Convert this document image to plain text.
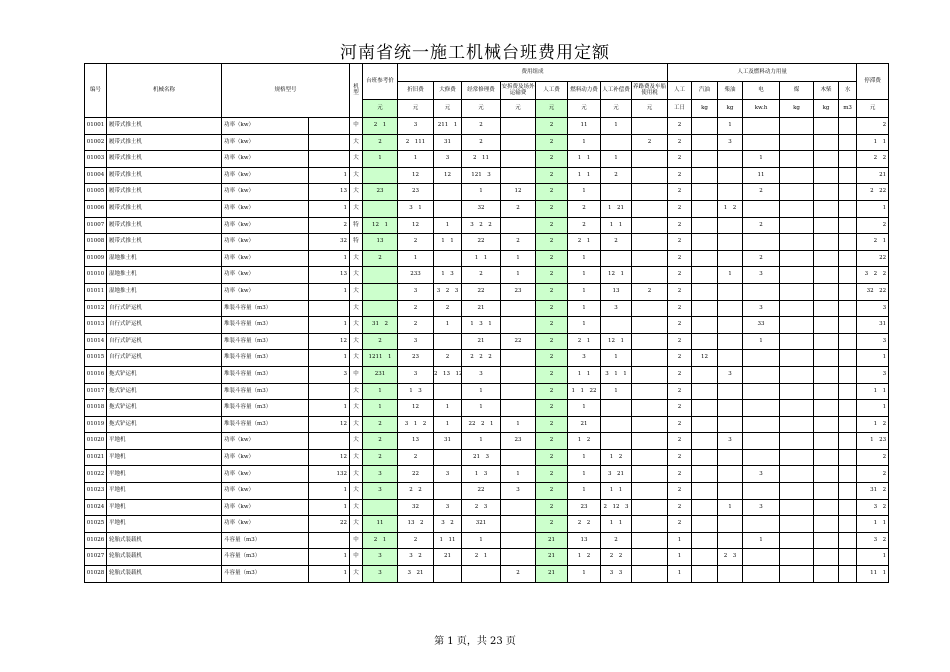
河南省统一施工机械台班费用定额
编号	机械名称	规格型号		机型	台班参考价	费用组成								人工及燃料动力用量							停滞费
						折旧费	大修费	经常修理费	安拆费及场外运输费	人工费	燃料动力费	人工补偿费	养路费及车船使用税	人工	汽油	柴油	电	煤	木柴	水	
					元	元	元	元	元	元	元	元	元	工日	kg	kg	kw.h	kg	kg	m3	元
01001	履带式推土机	功率（kw）		中	2　1	3	211　1	2		2	11	1		2		1					2
01002	履带式推土机	功率（kw）		大	2	2　111	31	2		2	1		2	2		3					1　1
01003	履带式推土机	功率（kw）		大	1	1	3	2　11		2	1　1	1		2			1				2　2
01004	履带式推土机	功率（kw）	1	大		12	12	121　3		2	1　1	2		2			11				21
01005	履带式推土机	功率（kw）	13	大	23	23		1	12	2	1			2			2				2　22
01006	履带式推土机	功率（kw）	1	大		3　1		32	2	2	2	1　21		2		1　2					1
01007	履带式推土机	功率（kw）	2	特	12　1	12	1	3　2　2		2	2	1　1		2			2				2
01008	履带式推土机	功率（kw）	32	特	13	2	1　1	22	2	2	2　1	2		2							2　1
01009	湿地推土机	功率（kw）	1	大	2	1		1　1	1	2	1			2			2				22
01010	湿地推土机	功率（kw）	13	大		233	1　3	2	1	2	1	12　1		2		1	3				3　2　2
01011	湿地推土机	功率（kw）	1	大		3	3　2　3	22	23	2	1	13	2	2							32　22
01012	自行式铲运机	堆装斗容量（m3）		大		2	2	21		2	1	3		2			3				3
01013	自行式铲运机	堆装斗容量（m3）	1	大	31　2	2	1	1　3　1		2	1			2			33				31
01014	自行式铲运机	堆装斗容量（m3）	12	大	2	3		21	22	2	2　1	12　1		2			1				3
01015	自行式铲运机	堆装斗容量（m3）	1	大	1211　1	23	2	2　2　2		2	3	1		2	12						1
01016	拖式铲运机	堆装斗容量（m3）	3	中	231	3	2　13　12	3		2	1　1	3　1　1		2		3					3
01017	拖式铲运机	堆装斗容量（m3）		大	1	1　3		1		2	1　1　22	1		2							1　1
01018	拖式铲运机	堆装斗容量（m3）	1	大	1	12	1	1		2	1			2							1
01019	拖式铲运机	堆装斗容量（m3）	12	大	2	3　1　2	1	22　2　1	1	2	21			2							1　2
01020	平地机	功率（kw）		大	2	13	31	1	23	2	1　2			2		3					1　23
01021	平地机	功率（kw）	12	大	2	2		21　3		2	1	1　2		2							2
01022	平地机	功率（kw）	132	大	3	22	3	1　3	1	2	1	3　21		2			3				2
01023	平地机	功率（kw）	1	大	3	2　2		22	3	2	1	1　1		2							31　2
01024	平地机	功率（kw）	1	大		32	3	2　3		2	23	2　12　3		2		1	3				3　2
01025	平地机	功率（kw）	22	大	11	13　2	3　2	321		2	2　2	1　1		2							1　1
01026	轮胎式装载机	斗容量（m3）		中	2　1	2	1　11	1		21	13	2		1			1				3　2
01027	轮胎式装载机	斗容量（m3）	1	中	3	3　2	21	2　1		21	1　2	2　2		1		2　3					1
01028	轮胎式装载机	斗容量（m3）	1	大	3	3　21			2	21	1	3　3		1							11　1
第 1 页，共 23 页
